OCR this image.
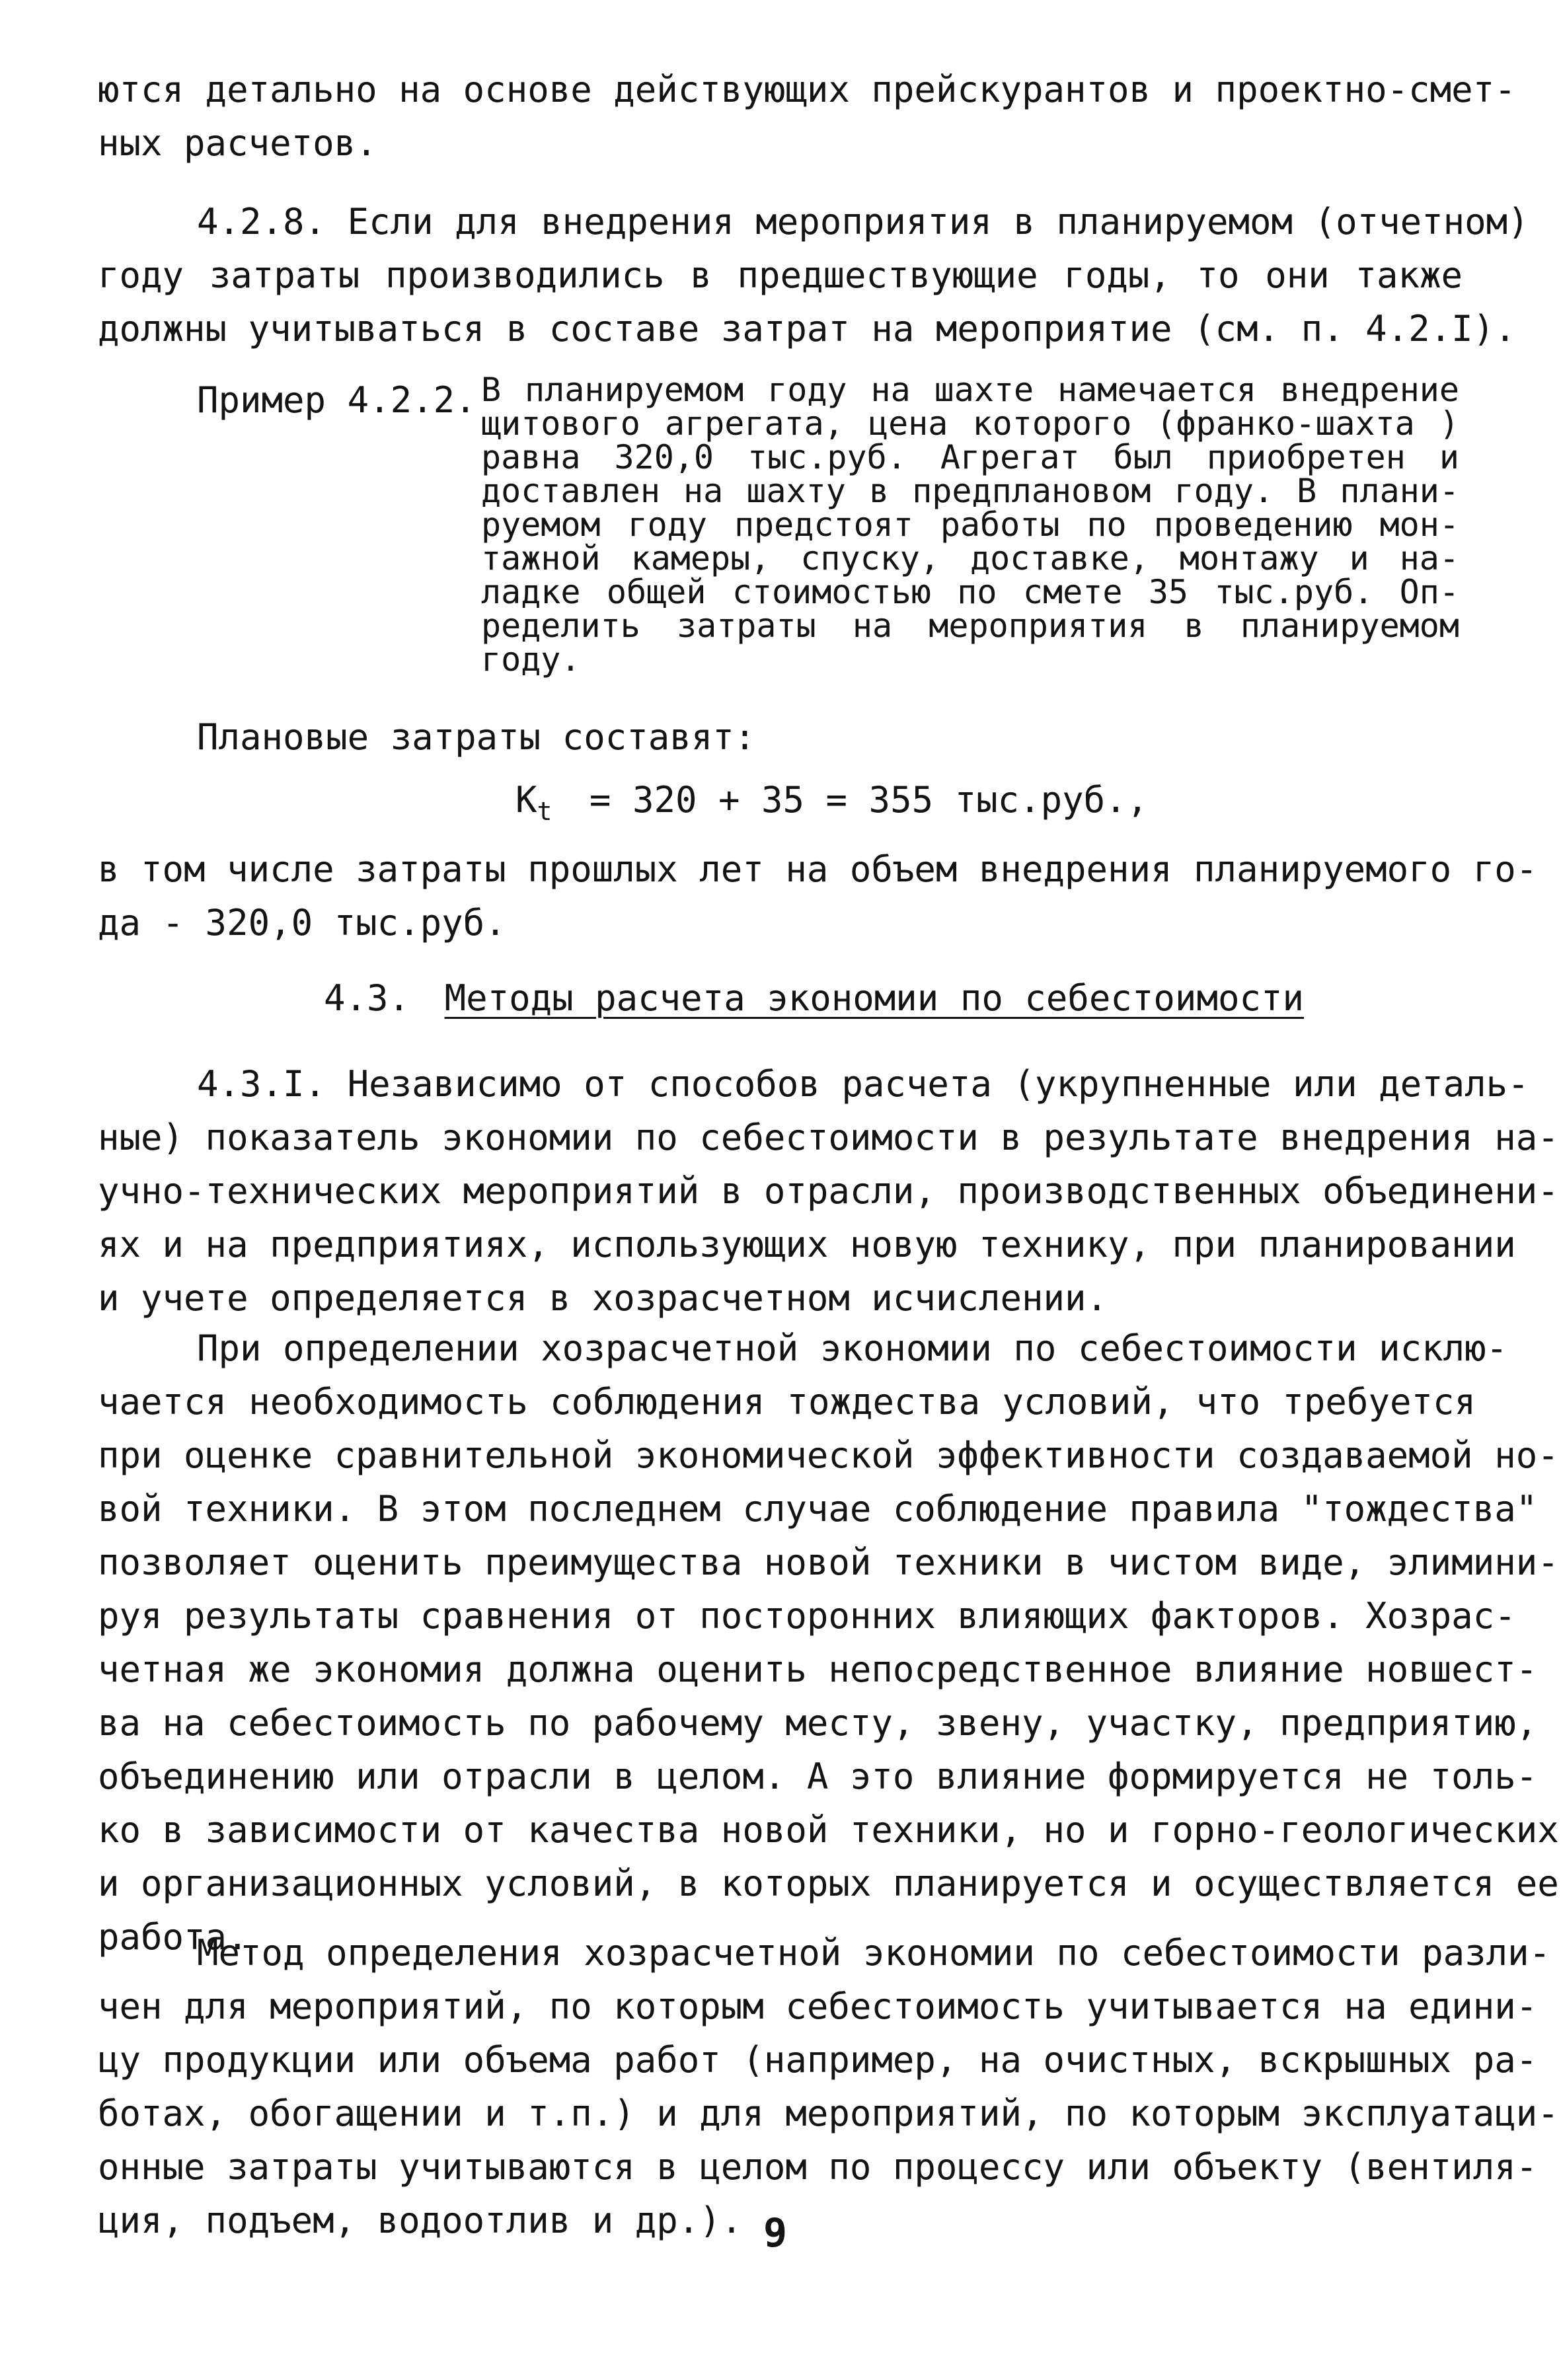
ются детально на основе действующих прейскурантов и проектно-смет-
ных расчетов.
4.2.8. Если для внедрения мероприятия в планируемом (отчетном)
году затраты производились в предшествующие годы, то они также
должны учитываться в составе затрат на мероприятие (см. п. 4.2.I).
Пример 4.2.2. В планируемом году на шахте намечается внедрение
щитового агрегата, цена которого (франко-шахта )
равна 320,0 тыс.руб. Агрегат был приобретен и
доставлен на шахту в предплановом году. В плани-
руемом году предстоят работы по проведению мон-
тажной камеры, спуску, доставке, монтажу и на-
ладке общей стоимостью по смете 35 тыс.руб. Оп-
ределить затраты на мероприятия в планируемом
году.
Плановые затраты составят:
$К_t = 320 + 35 = 355$ тыс.руб.,
в том числе затраты прошлых лет на объем внедрения планируемого го-
да - 320,0 тыс.руб.
4.3. Методы расчета экономии по себестоимости
4.3.I. Независимо от способов расчета (укрупненные или деталь-
ные) показатель экономии по себестоимости в результате внедрения на-
учно-технических мероприятий в отрасли, производственных объединени-
ях и на предприятиях, использующих новую технику, при планировании
и учете определяется в хозрасчетном исчислении.
При определении хозрасчетной экономии по себестоимости исклю-
чается необходимость соблюдения тождества условий, что требуется
при оценке сравнительной экономической эффективности создаваемой но-
вой техники. В этом последнем случае соблюдение правила "тождества"
позволяет оценить преимущества новой техники в чистом виде, элимини-
руя результаты сравнения от посторонних влияющих факторов. Хозрас-
четная же экономия должна оценить непосредственное влияние новшест-
ва на себестоимость по рабочему месту, звену, участку, предприятию,
объединению или отрасли в целом. А это влияние формируется не толь-
ко в зависимости от качества новой техники, но и горно-геологических
и организационных условий, в которых планируется и осуществляется ее
работа.
Метод определения хозрасчетной экономии по себестоимости разли-
чен для мероприятий, по которым себестоимость учитывается на едини-
цу продукции или объема работ (например, на очистных, вскрышных ра-
ботах, обогащении и т.п.) и для мероприятий, по которым эксплуатаци-
онные затраты учитываются в целом по процессу или объекту (вентиля-
ция, подъем, водоотлив и др.). 9
